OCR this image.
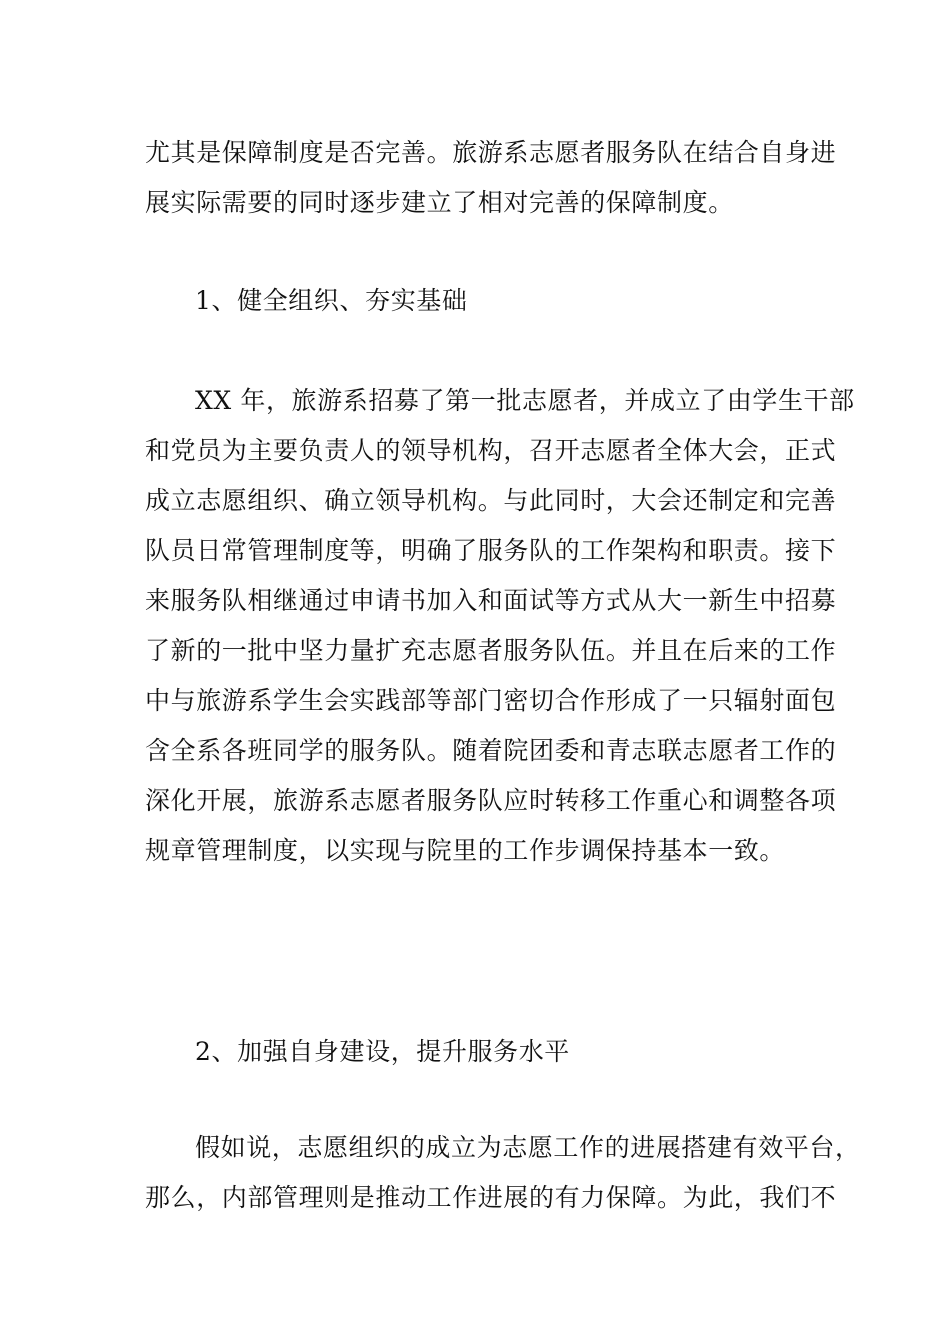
尤其是保障制度是否完善。旅游系志愿者服务队在结合自身进
展实际需要的同时逐步建立了相对完善的保障制度。
1、健全组织、夯实基础
XX 年，旅游系招募了第一批志愿者，并成立了由学生干部
和党员为主要负责人的领导机构，召开志愿者全体大会，正式
成立志愿组织、确立领导机构。与此同时，大会还制定和完善
队员日常管理制度等，明确了服务队的工作架构和职责。接下
来服务队相继通过申请书加入和面试等方式从大一新生中招募
了新的一批中坚力量扩充志愿者服务队伍。并且在后来的工作
中与旅游系学生会实践部等部门密切合作形成了一只辐射面包
含全系各班同学的服务队。随着院团委和青志联志愿者工作的
深化开展，旅游系志愿者服务队应时转移工作重心和调整各项
规章管理制度，以实现与院里的工作步调保持基本一致。
2、加强自身建设，提升服务水平
假如说，志愿组织的成立为志愿工作的进展搭建有效平台，
那么，内部管理则是推动工作进展的有力保障。为此，我们不
